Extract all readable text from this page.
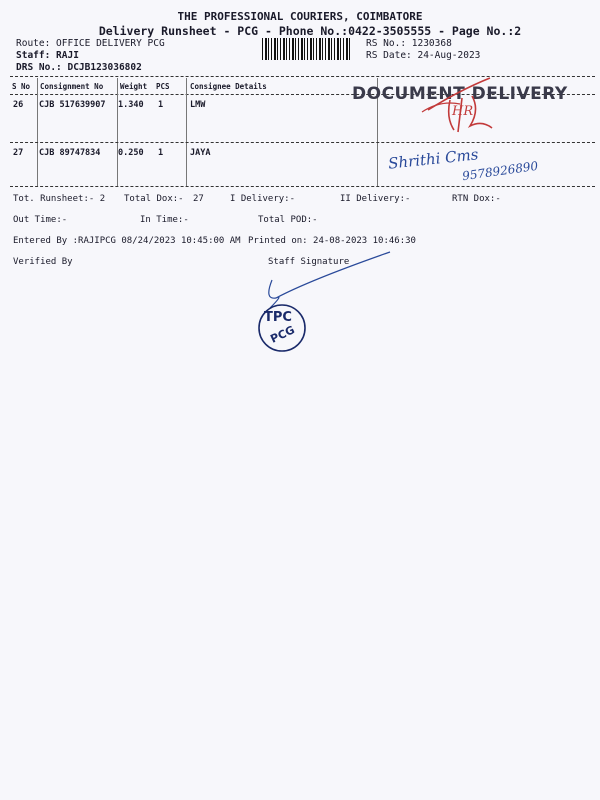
THE PROFESSIONAL COURIERS, COIMBATORE
Delivery Runsheet - PCG - Phone No.:0422-3505555 - Page No.:2
Route: OFFICE DELIVERY PCG
Staff: RAJI
DRS No.: DCJB123036802
RS No.: 1230368
RS Date: 24-Aug-2023
S No Consignment No Weight PCS	Consignee Details
26 CJB 517639907 1.340 1	LMW
27 CJB 89747834 0.250 1	JAYA
DOCUMENT DELIVERY
HR
Shrithi Cms
9578926890
Tot. Runsheet:- 2 Total Dox:- 27	I Delivery:-	II Delivery:-	RTN Dox:-
Out Time:-	In Time:-	Total POD:-
Entered By :RAJIPCG 08/24/2023 10:45:00 AM Printed on: 24-08-2023 10:46:30
Verified By	Staff Signature
TPC
PCG
